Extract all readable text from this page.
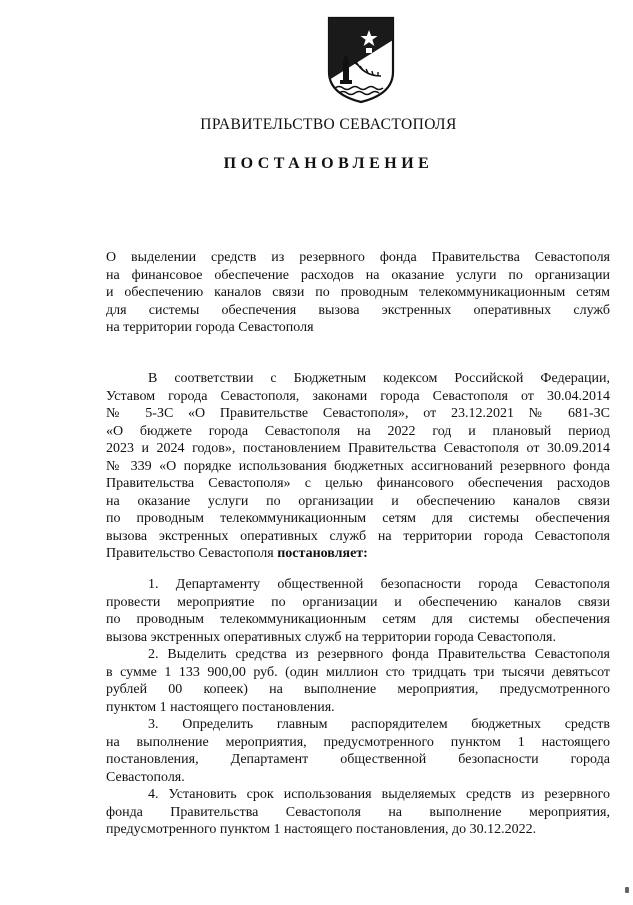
ПРАВИТЕЛЬСТВО СЕВАСТОПОЛЯ
ПОСТАНОВЛЕНИЕ
О выделении средств из резервного фонда Правительства Севастополя
на финансовое обеспечение расходов на оказание услуги по организации
и обеспечению каналов связи по проводным телекоммуникационным сетям
для системы обеспечения вызова экстренных оперативных служб
на территории города Севастополя
В соответствии с Бюджетным кодексом Российской Федерации,
Уставом города Севастополя, законами города Севастополя от 30.04.2014
№ 5-ЗС «О Правительстве Севастополя», от 23.12.2021 № 681-ЗС
«О бюджете города Севастополя на 2022 год и плановый период
2023 и 2024 годов», постановлением Правительства Севастополя от 30.09.2014
№ 339 «О порядке использования бюджетных ассигнований резервного фонда
Правительства Севастополя» с целью финансового обеспечения расходов
на оказание услуги по организации и обеспечению каналов связи
по проводным телекоммуникационным сетям для системы обеспечения
вызова экстренных оперативных служб на территории города Севастополя
Правительство Севастополя постановляет:
1. Департаменту общественной безопасности города Севастополя
провести мероприятие по организации и обеспечению каналов связи
по проводным телекоммуникационным сетям для системы обеспечения
вызова экстренных оперативных служб на территории города Севастополя.
2. Выделить средства из резервного фонда Правительства Севастополя
в сумме 1 133 900,00 руб. (один миллион сто тридцать три тысячи девятьсот
рублей 00 копеек) на выполнение мероприятия, предусмотренного
пунктом 1 настоящего постановления.
3. Определить главным распорядителем бюджетных средств
на выполнение мероприятия, предусмотренного пунктом 1 настоящего
постановления, Департамент общественной безопасности города
Севастополя.
4. Установить срок использования выделяемых средств из резервного
фонда Правительства Севастополя на выполнение мероприятия,
предусмотренного пунктом 1 настоящего постановления, до 30.12.2022.
